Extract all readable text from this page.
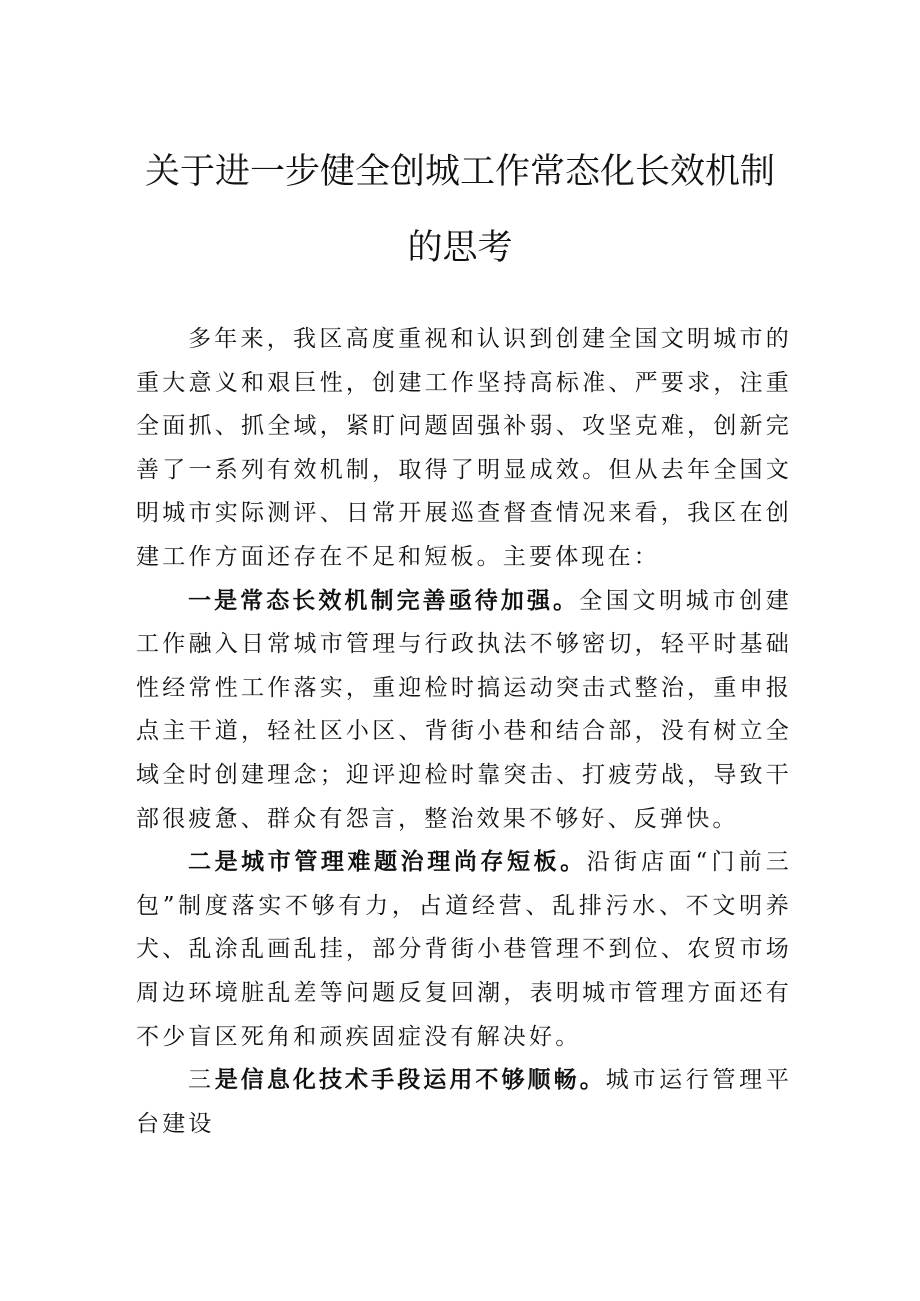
关于进一步健全创城工作常态化长效机制
的思考

多年来，我区高度重视和认识到创建全国文明城市的重大意义和艰巨性，创建工作坚持高标准、严要求，注重全面抓、抓全域，紧盯问题固强补弱、攻坚克难，创新完善了一系列有效机制，取得了明显成效。但从去年全国文明城市实际测评、日常开展巡查督查情况来看，我区在创建工作方面还存在不足和短板。主要体现在：

一是常态长效机制完善亟待加强。全国文明城市创建工作融入日常城市管理与行政执法不够密切，轻平时基础性经常性工作落实，重迎检时搞运动突击式整治，重申报点主干道，轻社区小区、背街小巷和结合部，没有树立全域全时创建理念；迎评迎检时靠突击、打疲劳战，导致干部很疲惫、群众有怨言，整治效果不够好、反弹快。

二是城市管理难题治理尚存短板。沿街店面“门前三包”制度落实不够有力，占道经营、乱排污水、不文明养犬、乱涂乱画乱挂，部分背街小巷管理不到位、农贸市场周边环境脏乱差等问题反复回潮，表明城市管理方面还有不少盲区死角和顽疾固症没有解决好。

三是信息化技术手段运用不够顺畅。城市运行管理平台建设
